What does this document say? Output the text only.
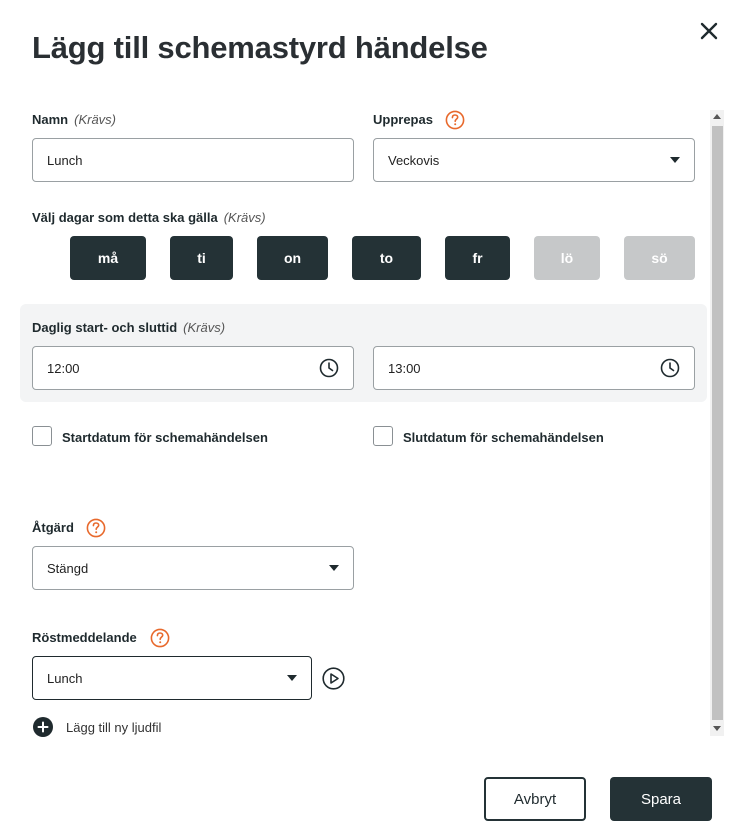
Lägg till schemastyrd händelse
Namn (Krävs)
Lunch
Upprepas
Veckovis
Välj dagar som detta ska gälla (Krävs)
må	ti	on	to	fr	lö	sö
Daglig start- och sluttid (Krävs)
12:00	13:00
Startdatum för schemahändelsen	Slutdatum för schemahändelsen
Åtgärd
Stängd
Röstmeddelande
Lunch
Lägg till ny ljudfil
Avbryt	Spara
